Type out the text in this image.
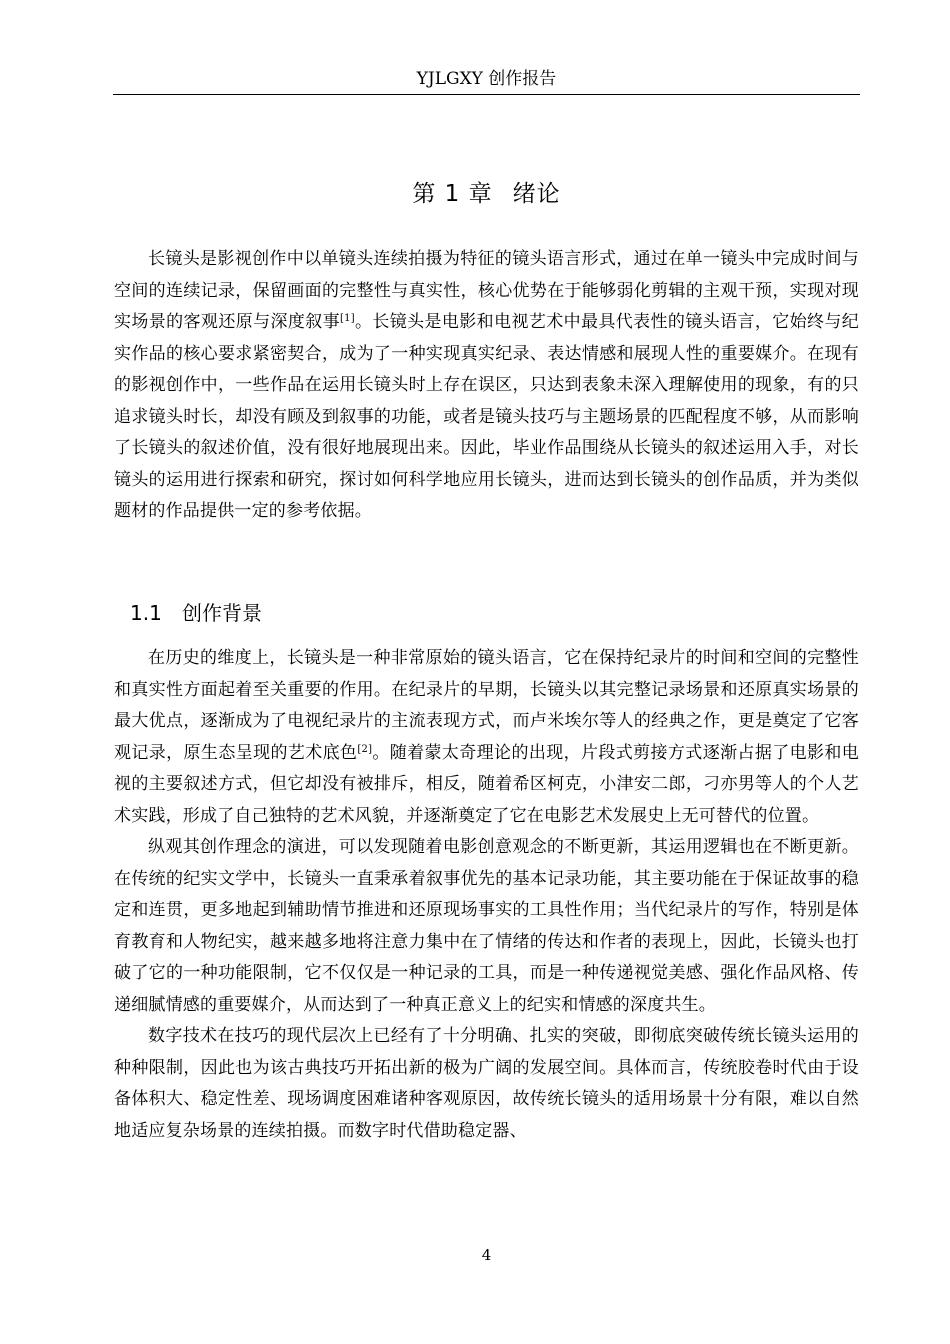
YJLGXY 创作报告
第 1 章 绪论

长镜头是影视创作中以单镜头连续拍摄为特征的镜头语言形式，通过在单一镜头中完成时间与空间的连续记录，保留画面的完整性与真实性，核心优势在于能够弱化剪辑的主观干预，实现对现实场景的客观还原与深度叙事[1]。长镜头是电影和电视艺术中最具代表性的镜头语言，它始终与纪实作品的核心要求紧密契合，成为了一种实现真实纪录、表达情感和展现人性的重要媒介。在现有的影视创作中，一些作品在运用长镜头时上存在误区，只达到表象未深入理解使用的现象，有的只追求镜头时长，却没有顾及到叙事的功能，或者是镜头技巧与主题场景的匹配程度不够，从而影响了长镜头的叙述价值，没有很好地展现出来。因此，毕业作品围绕从长镜头的叙述运用入手，对长镜头的运用进行探索和研究，探讨如何科学地应用长镜头，进而达到长镜头的创作品质，并为类似题材的作品提供一定的参考依据。

1.1 创作背景

在历史的维度上，长镜头是一种非常原始的镜头语言，它在保持纪录片的时间和空间的完整性和真实性方面起着至关重要的作用。在纪录片的早期，长镜头以其完整记录场景和还原真实场景的最大优点，逐渐成为了电视纪录片的主流表现方式，而卢米埃尔等人的经典之作，更是奠定了它客观记录，原生态呈现的艺术底色[2]。随着蒙太奇理论的出现，片段式剪接方式逐渐占据了电影和电视的主要叙述方式，但它却没有被排斥，相反，随着希区柯克，小津安二郎，刁亦男等人的个人艺术实践，形成了自己独特的艺术风貌，并逐渐奠定了它在电影艺术发展史上无可替代的位置。

纵观其创作理念的演进，可以发现随着电影创意观念的不断更新，其运用逻辑也在不断更新。在传统的纪实文学中，长镜头一直秉承着叙事优先的基本记录功能，其主要功能在于保证故事的稳定和连贯，更多地起到辅助情节推进和还原现场事实的工具性作用；当代纪录片的写作，特别是体育教育和人物纪实，越来越多地将注意力集中在了情绪的传达和作者的表现上，因此，长镜头也打破了它的一种功能限制，它不仅仅是一种记录的工具，而是一种传递视觉美感、强化作品风格、传递细腻情感的重要媒介，从而达到了一种真正意义上的纪实和情感的深度共生。

数字技术在技巧的现代层次上已经有了十分明确、扎实的突破，即彻底突破传统长镜头运用的种种限制，因此也为该古典技巧开拓出新的极为广阔的发展空间。具体而言，传统胶卷时代由于设备体积大、稳定性差、现场调度困难诸种客观原因，故传统长镜头的适用场景十分有限，难以自然地适应复杂场景的连续拍摄。而数字时代借助稳定器、

4
